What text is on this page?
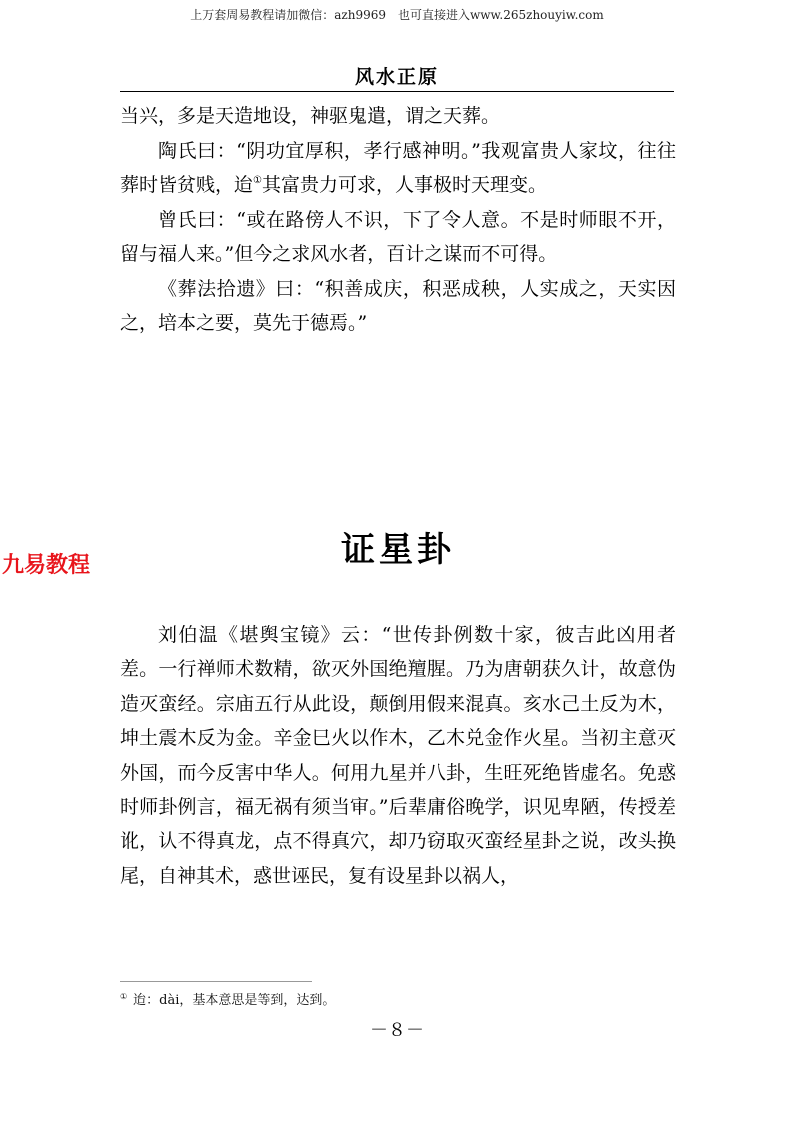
上万套周易教程请加微信：azh9969　也可直接进入www.265zhouyiw.com
风水正原

当兴，多是天造地设，神驱鬼遣，谓之天葬。

陶氏曰：“阴功宜厚积，孝行感神明。”我观富贵人家坟，往往葬时皆贫贱，迨①其富贵力可求，人事极时天理变。

曾氏曰：“或在路傍人不识，下了令人意。不是时师眼不开，留与福人来。”但今之求风水者，百计之谋而不可得。

《葬法拾遗》曰：“积善成庆，积恶成秧，人实成之，天实因之，培本之要，莫先于德焉。”

九易教程	证星卦

刘伯温《堪舆宝镜》云：“世传卦例数十家，彼吉此凶用者差。一行禅师术数精，欲灭外国绝羶腥。乃为唐朝获久计，故意伪造灭蛮经。宗庙五行从此设，颠倒用假来混真。亥水己土反为木，坤土震木反为金。辛金巳火以作木，乙木兑金作火星。当初主意灭外国，而今反害中华人。何用九星并八卦，生旺死绝皆虚名。免惑时师卦例言，福无祸有须当审。”后辈庸俗晚学，识见卑陋，传授差讹，认不得真龙，点不得真穴，却乃窃取灭蛮经星卦之说，改头换尾，自神其术，惑世诬民，复有设星卦以祸人，

① 迨：dài，基本意思是等到，达到。
－８－
